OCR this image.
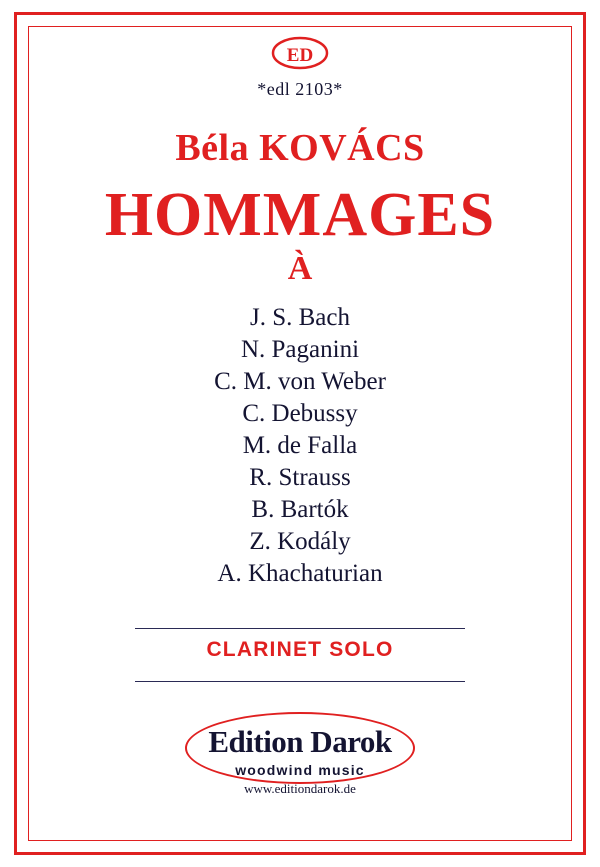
ED
*edl 2103*
Béla KOVÁCS
HOMMAGES
À
J. S. Bach
N. Paganini
C. M. von Weber
C. Debussy
M. de Falla
R. Strauss
B. Bartók
Z. Kodály
A. Khachaturian
CLARINET SOLO
Edition Darok
woodwind music
www.editiondarok.de
